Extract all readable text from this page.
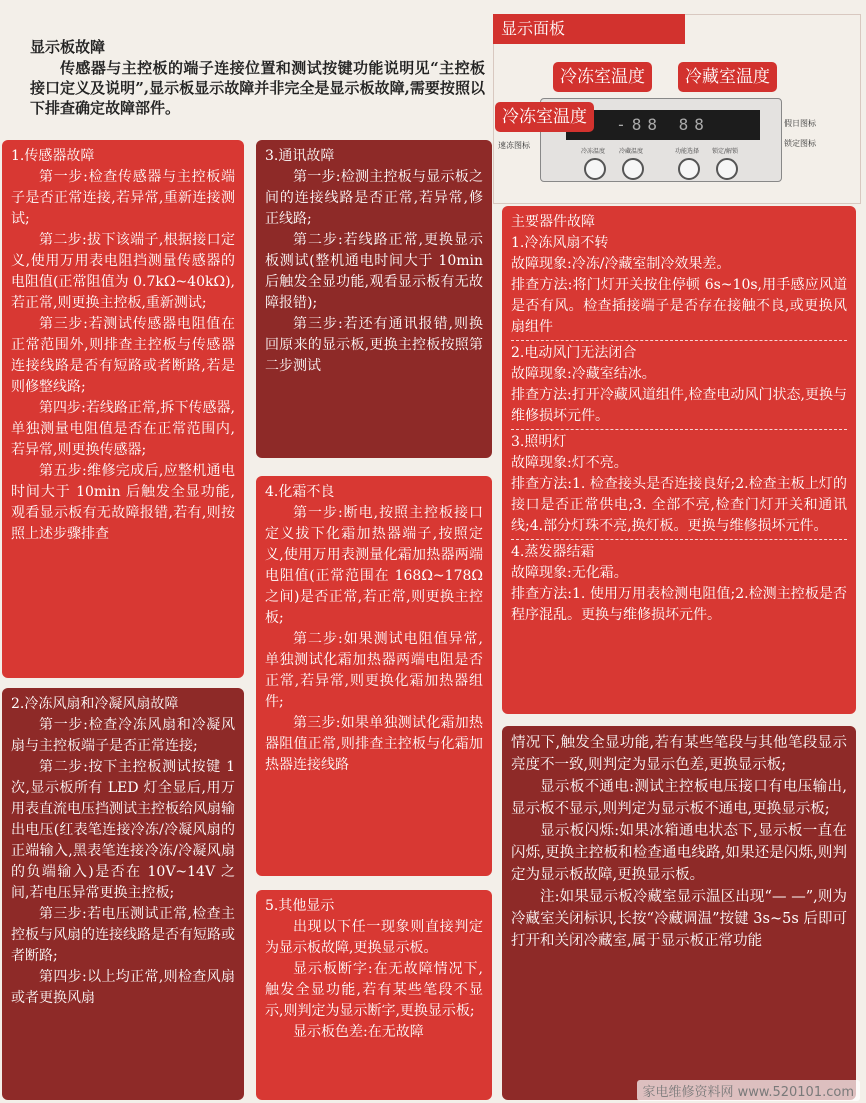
显示板故障
传感器与主控板的端子连接位置和测试按键功能说明见“主控板接口定义及说明”,显示板显示故障并非完全是显示板故障,需要按照以下排查确定故障部件。
显示面板
-88 88
速冻图标
假日图标
锁定图标
冷冻温度	冷藏温度	功能选择	锁定/解锁
冷冻室温度	冷藏室温度
冷冻室温度

1.传感器故障

第一步:检查传感器与主控板端子是否正常连接,若异常,重新连接测试;

第二步:拔下该端子,根据接口定义,使用万用表电阻挡测量传感器的电阻值(正常阻值为 0.7kΩ~40kΩ),若正常,则更换主控板,重新测试;

第三步:若测试传感器电阻值在正常范围外,则排查主控板与传感器连接线路是否有短路或者断路,若是则修整线路;

第四步:若线路正常,拆下传感器,单独测量电阻值是否在正常范围内,若异常,则更换传感器;

第五步:维修完成后,应整机通电时间大于 10min 后触发全显功能,观看显示板有无故障报错,若有,则按照上述步骤排查

2.冷冻风扇和冷凝风扇故障

第一步:检查冷冻风扇和冷凝风扇与主控板端子是否正常连接;

第二步:按下主控板测试按键 1 次,显示板所有 LED 灯全显后,用万用表直流电压挡测试主控板给风扇输出电压(红表笔连接冷冻/冷凝风扇的正端输入,黑表笔连接冷冻/冷凝风扇的负端输入)是否在 10V~14V 之间,若电压异常更换主控板;

第三步:若电压测试正常,检查主控板与风扇的连接线路是否有短路或者断路;

第四步:以上均正常,则检查风扇或者更换风扇

3.通讯故障

第一步:检测主控板与显示板之间的连接线路是否正常,若异常,修正线路;

第二步:若线路正常,更换显示板测试(整机通电时间大于 10min 后触发全显功能,观看显示板有无故障报错);

第三步:若还有通讯报错,则换回原来的显示板,更换主控板按照第二步测试

4.化霜不良

第一步:断电,按照主控板接口定义拔下化霜加热器端子,按照定义,使用万用表测量化霜加热器两端电阻值(正常范围在 168Ω~178Ω 之间)是否正常,若正常,则更换主控板;

第二步:如果测试电阻值异常,单独测试化霜加热器两端电阻是否正常,若异常,则更换化霜加热器组件;

第三步:如果单独测试化霜加热器阻值正常,则排查主控板与化霜加热器连接线路

5.其他显示

出现以下任一现象则直接判定为显示板故障,更换显示板。

显示板断字:在无故障情况下,触发全显功能,若有某些笔段不显示,则判定为显示断字,更换显示板;

显示板色差:在无故障

主要器件故障

1.冷冻风扇不转

故障现象:冷冻/冷藏室制冷效果差。

排查方法:将门灯开关按住停顿 6s~10s,用手感应风道是否有风。检查插接端子是否存在接触不良,或更换风扇组件

2.电动风门无法闭合

故障现象:冷藏室结冰。

排查方法:打开冷藏风道组件,检查电动风门状态,更换与维修损坏元件。

3.照明灯

故障现象:灯不亮。

排查方法:1. 检查接头是否连接良好;2.检查主板上灯的接口是否正常供电;3. 全部不亮,检查门灯开关和通讯线;4.部分灯珠不亮,换灯板。更换与维修损坏元件。

4.蒸发器结霜

故障现象:无化霜。

排查方法:1. 使用万用表检测电阻值;2.检测主控板是否程序混乱。更换与维修损坏元件。

情况下,触发全显功能,若有某些笔段与其他笔段显示亮度不一致,则判定为显示色差,更换显示板;

显示板不通电:测试主控板电压接口有电压输出,显示板不显示,则判定为显示板不通电,更换显示板;

显示板闪烁:如果冰箱通电状态下,显示板一直在闪烁,更换主控板和检查通电线路,如果还是闪烁,则判定为显示板故障,更换显示板。

注:如果显示板冷藏室显示温区出现“— —”,则为冷藏室关闭标识,长按“冷藏调温”按键 3s~5s 后即可打开和关闭冷藏室,属于显示板正常功能

家电维修资料网 www.520101.com
